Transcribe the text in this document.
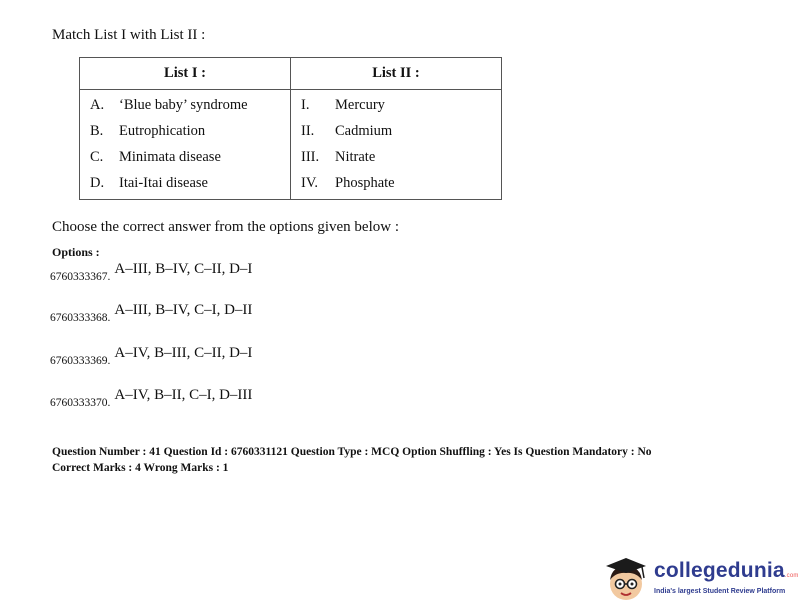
Match List I with List II :
List I :	List II :

A. ‘Blue baby’ syndrome	I. Mercury

B. Eutrophication	II. Cadmium

C. Minimata disease	III. Nitrate

D. Itai-Itai disease	IV. Phosphate
Choose the correct answer from the options given below :
Options :
$_{6760333367.}$ A–III, B–IV, C–II, D–I
$_{6760333368.}$ A–III, B–IV, C–I, D–II
$_{6760333369.}$ A–IV, B–III, C–II, D–I
$_{6760333370.}$ A–IV, B–II, C–I, D–III
Question Number : 41 Question Id : 6760331121 Question Type : MCQ Option Shuffling : Yes Is Question Mandatory : No
Correct Marks : 4 Wrong Marks : 1
collegedunia.com
India's largest Student Review Platform
